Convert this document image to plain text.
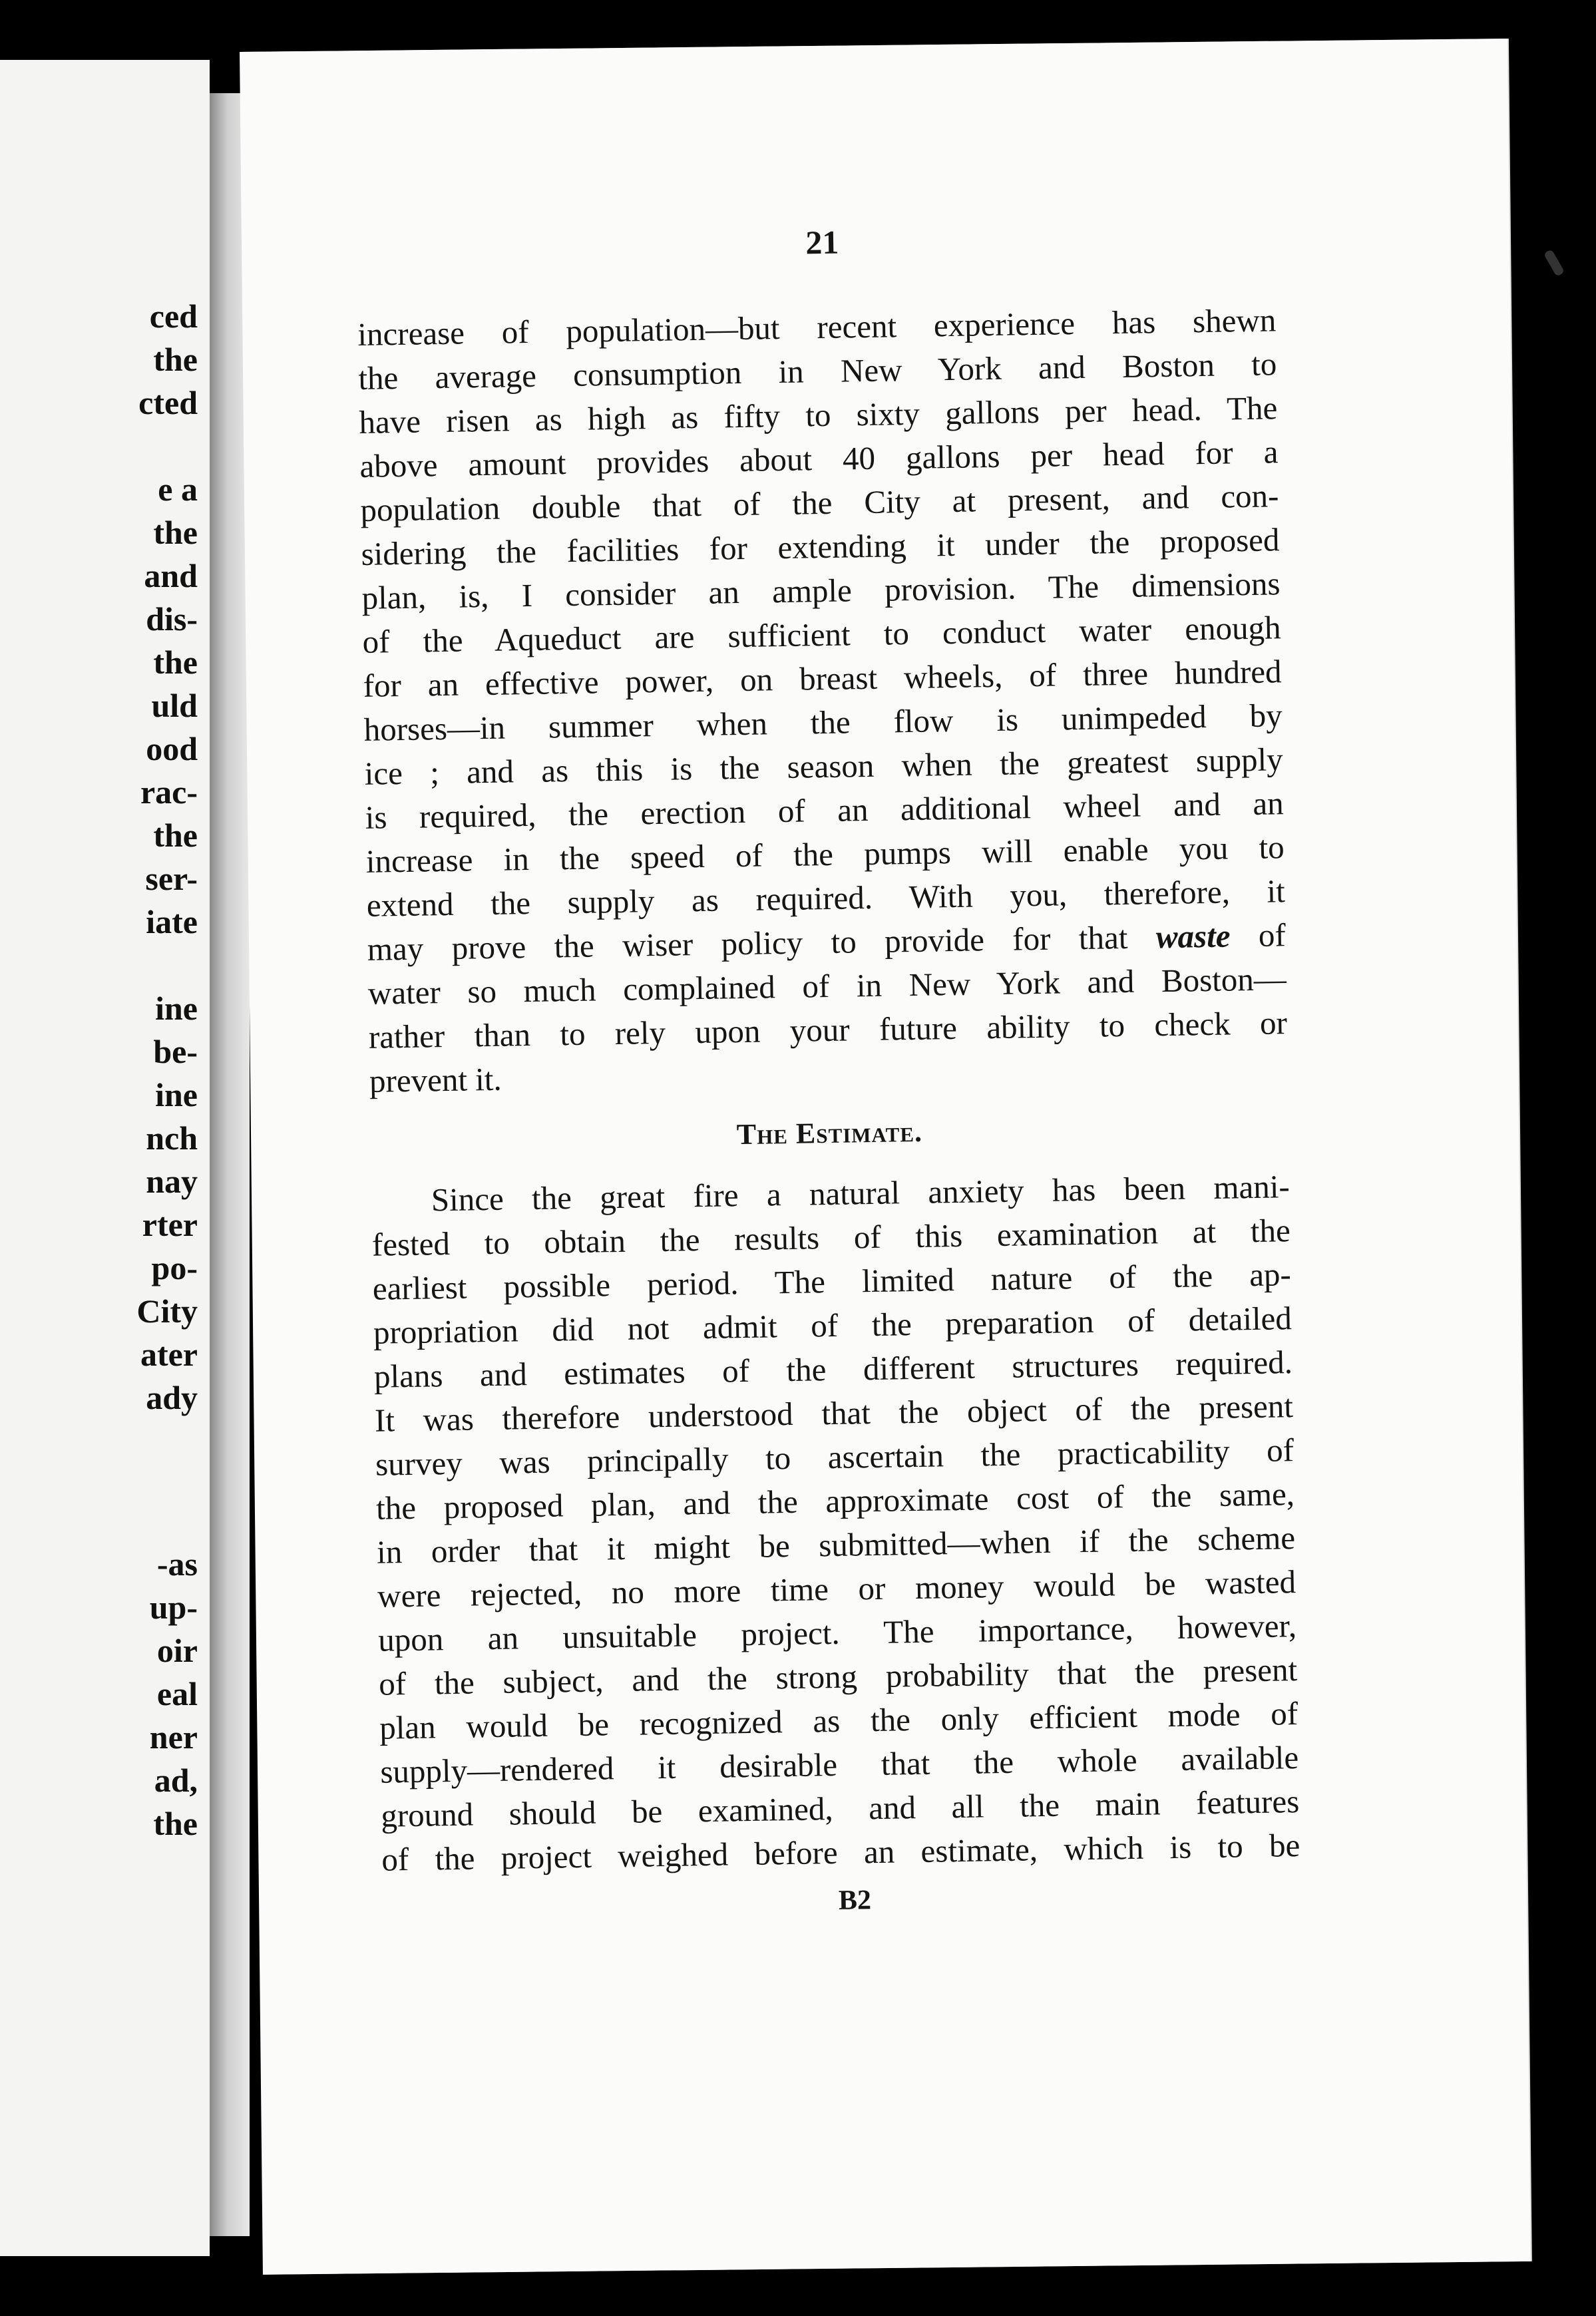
ced
the
cted
e a
the
and
dis-
the
uld
ood
rac-
the
ser-
iate
ine
be-
ine
nch
nay
rter
po-
City
ater
ady
-as
up-
oir
eal
ner
ad,
the
21
increase of population—but recent experience has shewn
the average consumption in New York and Boston to
have risen as high as fifty to sixty gallons per head. The
above amount provides about 40 gallons per head for a
population double that of the City at present, and con-
sidering the facilities for extending it under the proposed
plan, is, I consider an ample provision. The dimensions
of the Aqueduct are sufficient to conduct water enough
for an effective power, on breast wheels, of three hundred
horses—in summer when the flow is unimpeded by
ice ; and as this is the season when the greatest supply
is required, the erection of an additional wheel and an
increase in the speed of the pumps will enable you to
extend the supply as required. With you, therefore, it
may prove the wiser policy to provide for that waste of
water so much complained of in New York and Boston—
rather than to rely upon your future ability to check or
prevent it.
The Estimate.
Since the great fire a natural anxiety has been mani-
fested to obtain the results of this examination at the
earliest possible period. The limited nature of the ap-
propriation did not admit of the preparation of detailed
plans and estimates of the different structures required.
It was therefore understood that the object of the present
survey was principally to ascertain the practicability of
the proposed plan, and the approximate cost of the same,
in order that it might be submitted—when if the scheme
were rejected, no more time or money would be wasted
upon an unsuitable project. The importance, however,
of the subject, and the strong probability that the present
plan would be recognized as the only efficient mode of
supply—rendered it desirable that the whole available
ground should be examined, and all the main features
of the project weighed before an estimate, which is to be
B2
